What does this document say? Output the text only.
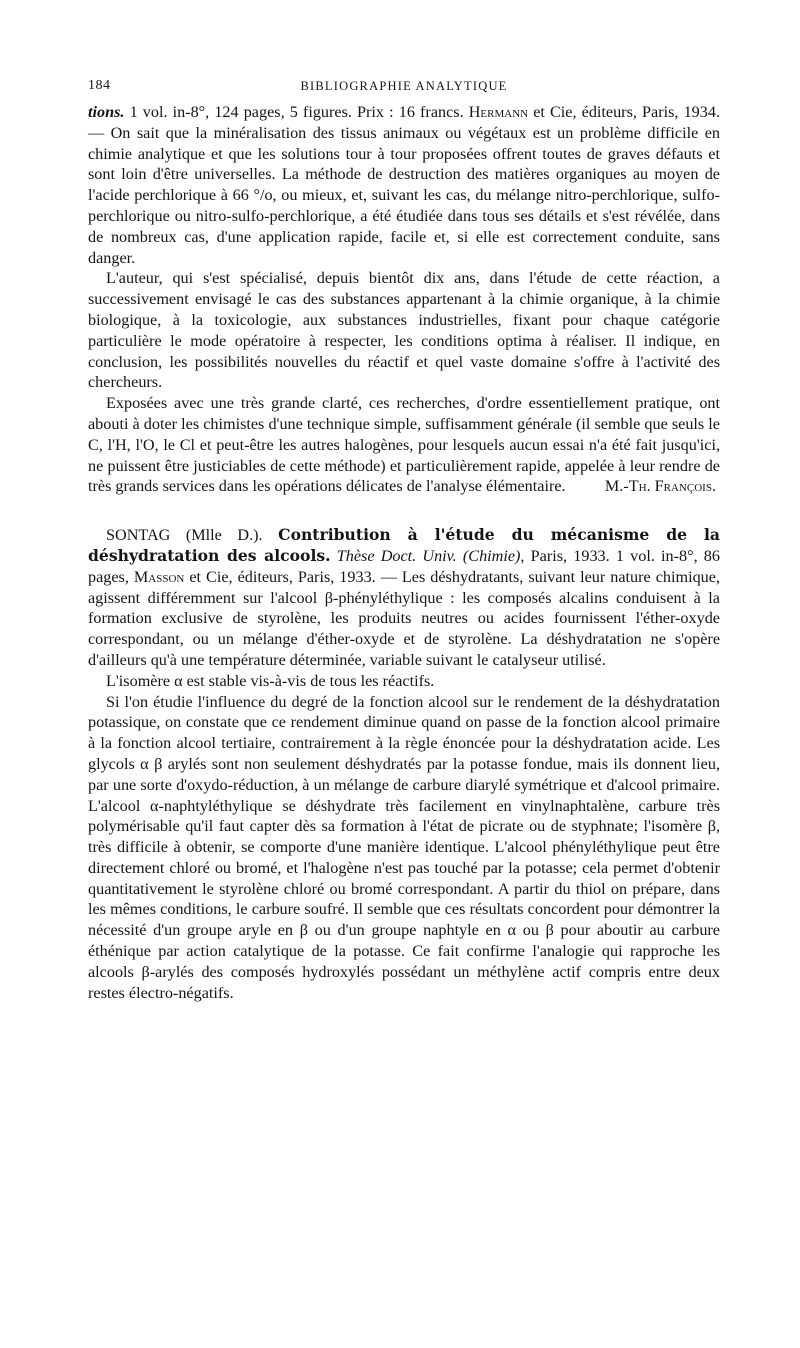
184	BIBLIOGRAPHIE ANALYTIQUE

tions. 1 vol. in-8°, 124 pages, 5 figures. Prix : 16 francs. Hermann et Cie, éditeurs, Paris, 1934. — On sait que la minéralisation des tissus animaux ou végétaux est un problème difficile en chimie analytique et que les solutions tour à tour proposées offrent toutes de graves défauts et sont loin d'être universelles. La méthode de destruction des matières organiques au moyen de l'acide perchlorique à 66 °/o, ou mieux, et, suivant les cas, du mélange nitro-perchlorique, sulfo-perchlorique ou nitro-sulfo-perchlorique, a été étudiée dans tous ses détails et s'est révélée, dans de nombreux cas, d'une application rapide, facile et, si elle est correctement conduite, sans danger.

L'auteur, qui s'est spécialisé, depuis bientôt dix ans, dans l'étude de cette réaction, a successivement envisagé le cas des substances appartenant à la chimie organique, à la chimie biologique, à la toxicologie, aux substances industrielles, fixant pour chaque catégorie particulière le mode opératoire à respecter, les conditions optima à réaliser. Il indique, en conclusion, les possibilités nouvelles du réactif et quel vaste domaine s'offre à l'activité des chercheurs.

Exposées avec une très grande clarté, ces recherches, d'ordre essentiellement pratique, ont abouti à doter les chimistes d'une technique simple, suffisamment générale (il semble que seuls le C, l'H, l'O, le Cl et peut-être les autres halogènes, pour lesquels aucun essai n'a été fait jusqu'ici, ne puissent être justiciables de cette méthode) et particulièrement rapide, appelée à leur rendre de très grands services dans les opérations délicates de l'analyse élémentaire.	M.-Th. François.

SONTAG (Mlle D.). Contribution à l'étude du mécanisme de la déshydratation des alcools. Thèse Doct. Univ. (Chimie), Paris, 1933. 1 vol. in-8°, 86 pages, Masson et Cie, éditeurs, Paris, 1933. — Les déshydratants, suivant leur nature chimique, agissent différemment sur l'alcool β-phényléthylique : les composés alcalins conduisent à la formation exclusive de styrolène, les produits neutres ou acides fournissent l'éther-oxyde correspondant, ou un mélange d'éther-oxyde et de styrolène. La déshydratation ne s'opère d'ailleurs qu'à une température déterminée, variable suivant le catalyseur utilisé.

L'isomère α est stable vis-à-vis de tous les réactifs.

Si l'on étudie l'influence du degré de la fonction alcool sur le rendement de la déshydratation potassique, on constate que ce rendement diminue quand on passe de la fonction alcool primaire à la fonction alcool tertiaire, contrairement à la règle énoncée pour la déshydratation acide. Les glycols α β arylés sont non seulement déshydratés par la potasse fondue, mais ils donnent lieu, par une sorte d'oxydo-réduction, à un mélange de carbure diarylé symétrique et d'alcool primaire. L'alcool α-naphtyléthylique se déshydrate très facilement en vinylnaphtalène, carbure très polymérisable qu'il faut capter dès sa formation à l'état de picrate ou de styphnate; l'isomère β, très difficile à obtenir, se comporte d'une manière identique. L'alcool phényléthylique peut être directement chloré ou bromé, et l'halogène n'est pas touché par la potasse; cela permet d'obtenir quantitativement le styrolène chloré ou bromé correspondant. A partir du thiol on prépare, dans les mêmes conditions, le carbure soufré. Il semble que ces résultats concordent pour démontrer la nécessité d'un groupe aryle en β ou d'un groupe naphtyle en α ou β pour aboutir au carbure éthénique par action catalytique de la potasse. Ce fait confirme l'analogie qui rapproche les alcools β-arylés des composés hydroxylés possédant un méthylène actif compris entre deux restes électro-négatifs.
